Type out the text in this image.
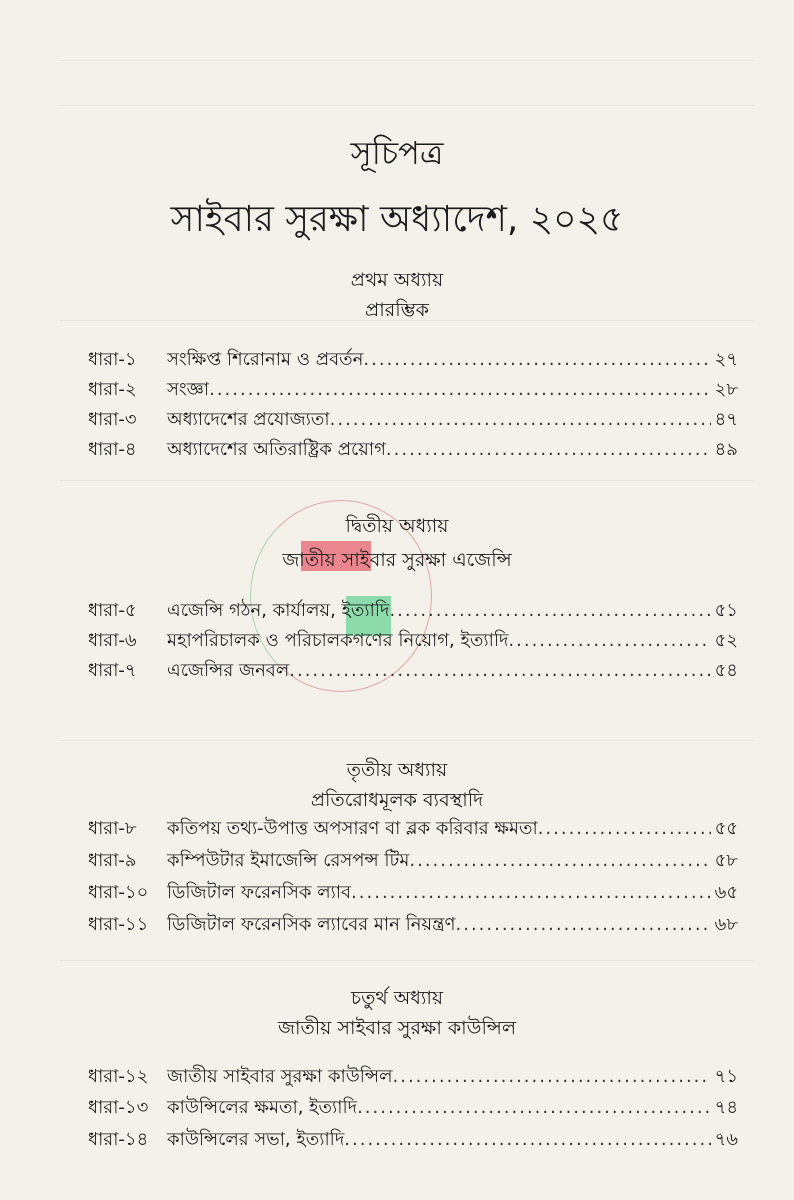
সূচিপত্র
সাইবার সুরক্ষা অধ্যাদেশ, ২০২৫
প্রথম অধ্যায়
প্রারম্ভিক
ধারা-১	সংক্ষিপ্ত শিরোনাম ও প্রবর্তন .....	২৭
ধারা-২	সংজ্ঞা .....	২৮
ধারা-৩	অধ্যাদেশের প্রযোজ্যতা .....	৪৭
ধারা-৪	অধ্যাদেশের অতিরাষ্ট্রিক প্রয়োগ .....	৪৯
দ্বিতীয় অধ্যায়
জাতীয় সাইবার সুরক্ষা এজেন্সি
ধারা-৫	এজেন্সি গঠন, কার্যালয়, ইত্যাদি .....	৫১
ধারা-৬	মহাপরিচালক ও পরিচালকগণের নিয়োগ, ইত্যাদি .....	৫২
ধারা-৭	এজেন্সির জনবল .....	৫৪
তৃতীয় অধ্যায়
প্রতিরোধমূলক ব্যবস্থাদি
ধারা-৮	কতিপয় তথ্য-উপাত্ত অপসারণ বা ব্লক করিবার ক্ষমতা .....	৫৫
ধারা-৯	কম্পিউটার ইমাজেন্সি রেসপন্স টিম .....	৫৮
ধারা-১০	ডিজিটাল ফরেনসিক ল্যাব .....	৬৫
ধারা-১১	ডিজিটাল ফরেনসিক ল্যাবের মান নিয়ন্ত্রণ .....	৬৮
চতুর্থ অধ্যায়
জাতীয় সাইবার সুরক্ষা কাউন্সিল
ধারা-১২	জাতীয় সাইবার সুরক্ষা কাউন্সিল .....	৭১
ধারা-১৩	কাউন্সিলের ক্ষমতা, ইত্যাদি .....	৭৪
ধারা-১৪	কাউন্সিলের সভা, ইত্যাদি .....	৭৬
